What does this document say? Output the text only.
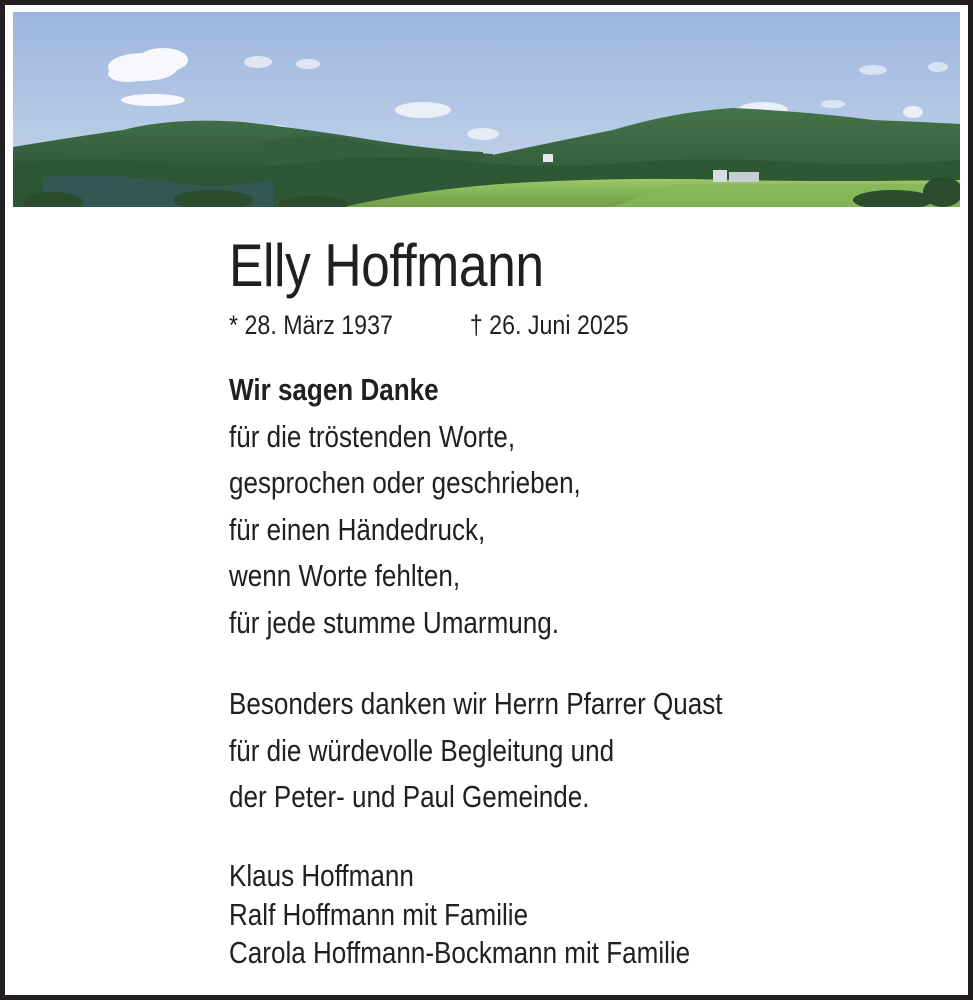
Elly Hoffmann
* 28. März 1937	† 26. Juni 2025
Wir sagen Danke
für die tröstenden Worte,
gesprochen oder geschrieben,
für einen Händedruck,
wenn Worte fehlten,
für jede stumme Umarmung.
Besonders danken wir Herrn Pfarrer Quast
für die würdevolle Begleitung und
der Peter- und Paul Gemeinde.
Klaus Hoffmann
Ralf Hoffmann mit Familie
Carola Hoffmann-Bockmann mit Familie
